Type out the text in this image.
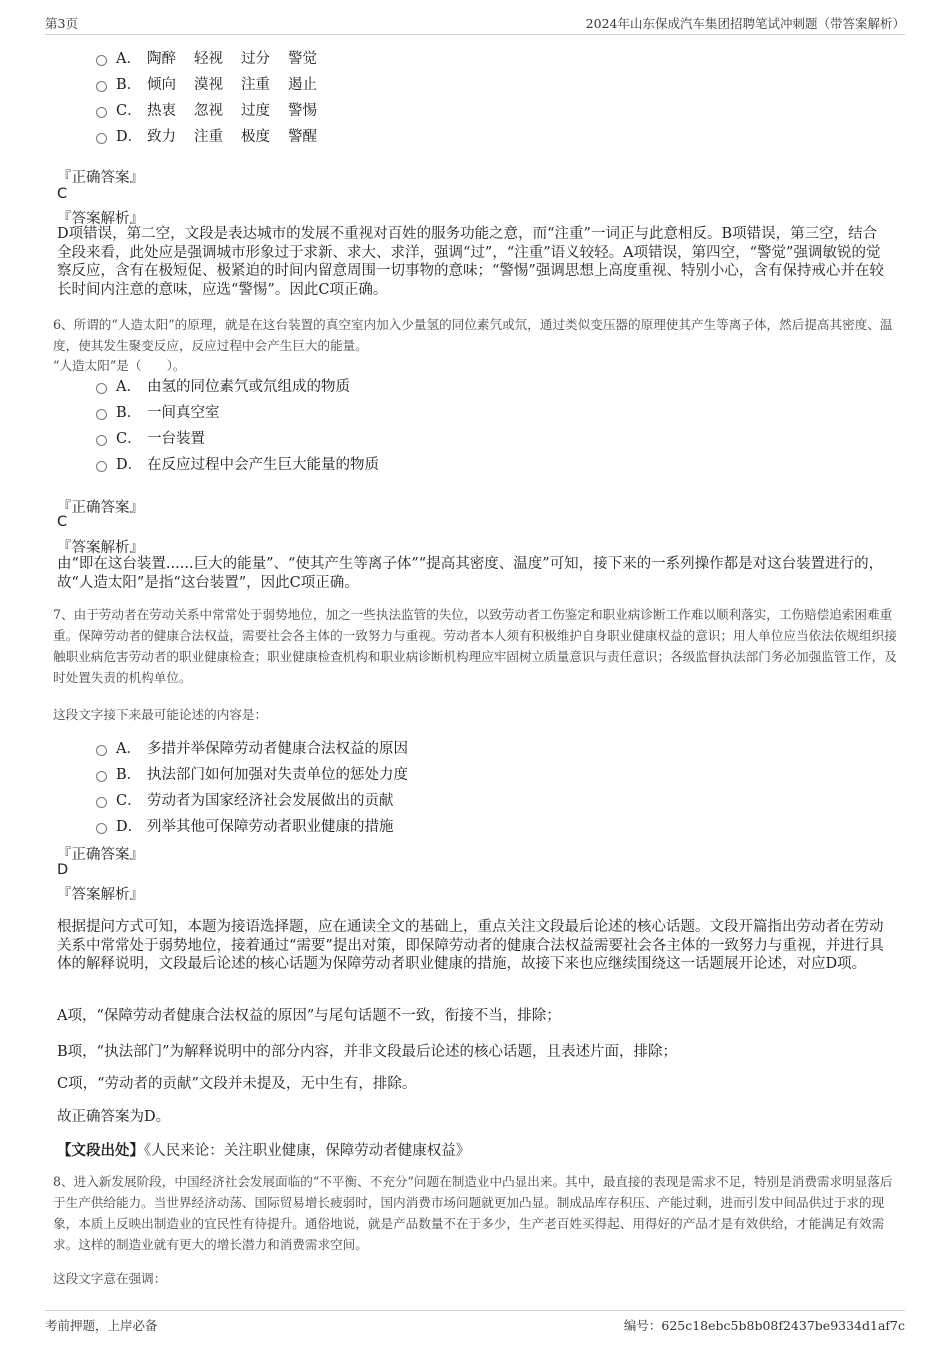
第3页	2024年山东保成汽车集团招聘笔试冲刺题（带答案解析）
A． 陶醉 轻视 过分 警觉
B． 倾向 漠视 注重 遏止
C． 热衷 忽视 过度 警惕
D． 致力 注重 极度 警醒
『正确答案』
C
『答案解析』
D项错误，第二空，文段是表达城市的发展不重视对百姓的服务功能之意，而“注重”一词正与此意相反。B项错误，第三空，结合全段来看，此处应是强调城市形象过于求新、求大、求洋，强调“过”，“注重”语义较轻。A项错误，第四空，“警觉”强调敏锐的觉察反应，含有在极短促、极紧迫的时间内留意周围一切事物的意味；“警惕”强调思想上高度重视、特别小心，含有保持戒心并在较长时间内注意的意味，应选“警惕”。因此C项正确。
6、所谓的“人造太阳”的原理，就是在这台装置的真空室内加入少量氢的同位素氕或氘，通过类似变压器的原理使其产生等离子体，然后提高其密度、温度，使其发生聚变反应，反应过程中会产生巨大的能量。
“人造太阳”是（　　）。
A． 由氢的同位素氕或氘组成的物质
B． 一间真空室
C． 一台装置
D． 在反应过程中会产生巨大能量的物质
『正确答案』
C
『答案解析』
由“即在这台装置......巨大的能量”、“使其产生等离子体”“提高其密度、温度”可知，接下来的一系列操作都是对这台装置进行的，故“人造太阳”是指“这台装置”，因此C项正确。
7、由于劳动者在劳动关系中常常处于弱势地位，加之一些执法监管的失位，以致劳动者工伤鉴定和职业病诊断工作难以顺利落实，工伤赔偿追索困难重重。保障劳动者的健康合法权益，需要社会各主体的一致努力与重视。劳动者本人须有积极维护自身职业健康权益的意识；用人单位应当依法依规组织接触职业病危害劳动者的职业健康检查；职业健康检查机构和职业病诊断机构理应牢固树立质量意识与责任意识；各级监督执法部门务必加强监管工作，及时处置失责的机构单位。
这段文字接下来最可能论述的内容是：
A． 多措并举保障劳动者健康合法权益的原因
B． 执法部门如何加强对失责单位的惩处力度
C． 劳动者为国家经济社会发展做出的贡献
D． 列举其他可保障劳动者职业健康的措施
『正确答案』
D
『答案解析』
根据提问方式可知，本题为接语选择题，应在通读全文的基础上，重点关注文段最后论述的核心话题。文段开篇指出劳动者在劳动关系中常常处于弱势地位，接着通过“需要”提出对策，即保障劳动者的健康合法权益需要社会各主体的一致努力与重视，并进行具体的解释说明，文段最后论述的核心话题为保障劳动者职业健康的措施，故接下来也应继续围绕这一话题展开论述，对应D项。
A项，“保障劳动者健康合法权益的原因”与尾句话题不一致，衔接不当，排除；
B项，“执法部门”为解释说明中的部分内容，并非文段最后论述的核心话题，且表述片面，排除；
C项，“劳动者的贡献”文段并未提及，无中生有，排除。
故正确答案为D。
【文段出处】《人民来论：关注职业健康，保障劳动者健康权益》
8、进入新发展阶段，中国经济社会发展面临的“不平衡、不充分”问题在制造业中凸显出来。其中，最直接的表现是需求不足，特别是消费需求明显落后于生产供给能力。当世界经济动荡、国际贸易增长疲弱时，国内消费市场问题就更加凸显。制成品库存积压、产能过剩，进而引发中间品供过于求的现象，本质上反映出制造业的宜民性有待提升。通俗地说，就是产品数量不在于多少，生产老百姓买得起、用得好的产品才是有效供给，才能满足有效需求。这样的制造业就有更大的增长潜力和消费需求空间。
这段文字意在强调：
考前押题，上岸必备	编号：625c18ebc5b8b08f2437be9334d1af7c
